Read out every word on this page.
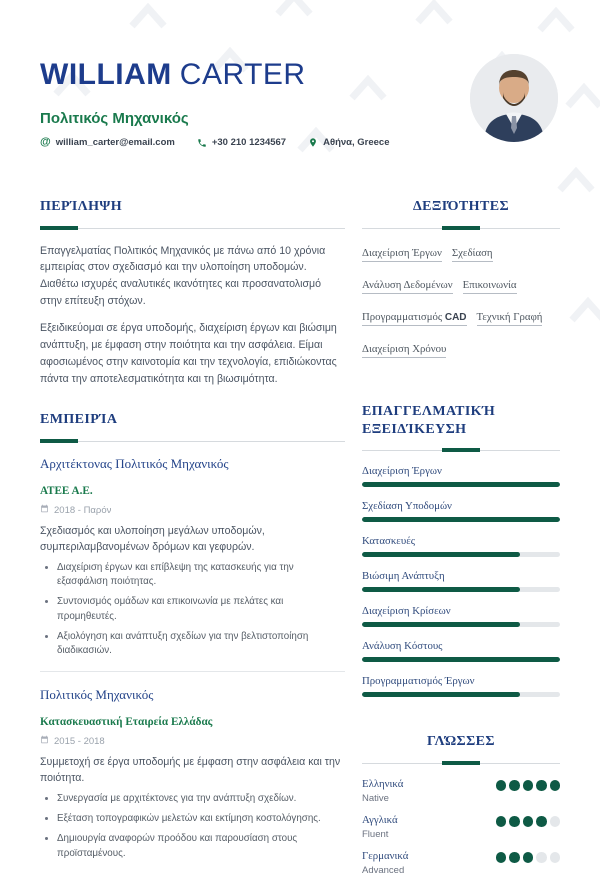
WILLIAM CARTER
Πολιτικός Μηχανικός
@ william_carter@email.com	+30 210 1234567	Αθήνα, Greece
ΠΕΡΊΛΗΨΗ

Επαγγελματίας Πολιτικός Μηχανικός με πάνω από 10 χρόνια εμπειρίας στον σχεδιασμό και την υλοποίηση υποδομών. Διαθέτω ισχυρές αναλυτικές ικανότητες και προσανατολισμό στην επίτευξη στόχων.

Εξειδικεύομαι σε έργα υποδομής, διαχείριση έργων και βιώσιμη ανάπτυξη, με έμφαση στην ποιότητα και την ασφάλεια. Είμαι αφοσιωμένος στην καινοτομία και την τεχνολογία, επιδιώκοντας πάντα την αποτελεσματικότητα και τη βιωσιμότητα.

ΕΜΠΕΙΡΊΑ
Αρχιτέκτονας Πολιτικός Μηχανικός
ΑΤΕΕ Α.Ε.
2018 - Παρόν
Σχεδιασμός και υλοποίηση μεγάλων υποδομών, συμπεριλαμβανομένων δρόμων και γεφυρών.
• Διαχείριση έργων και επίβλεψη της κατασκευής για την εξασφάλιση ποιότητας.
• Συντονισμός ομάδων και επικοινωνία με πελάτες και προμηθευτές.
• Αξιολόγηση και ανάπτυξη σχεδίων για την βελτιστοποίηση διαδικασιών.
Πολιτικός Μηχανικός
Κατασκευαστική Εταιρεία Ελλάδας
2015 - 2018
Συμμετοχή σε έργα υποδομής με έμφαση στην ασφάλεια και την ποιότητα.
• Συνεργασία με αρχιτέκτονες για την ανάπτυξη σχεδίων.
• Εξέταση τοπογραφικών μελετών και εκτίμηση κοστολόγησης.
• Δημιουργία αναφορών προόδου και παρουσίαση στους προϊσταμένους.
ΔΕΞΙΌΤΗΤΕΣ
Διαχείριση Έργων ΣχεδίασηΑνάλυση Δεδομένων ΕπικοινωνίαΠρογραμματισμός CAD Τεχνική ΓραφήΔιαχείριση Χρόνου
ΕΠΑΓΓΕΛΜΑΤΙΚΉ ΕΞΕΙΔΊΚΕΥΣΗ
Διαχείριση Έργων
Σχεδίαση Υποδομών
Κατασκευές
Βιώσιμη Ανάπτυξη
Διαχείριση Κρίσεων
Ανάλυση Κόστους
Προγραμματισμός Έργων
ΓΛΏΣΣΕΣ
Ελληνικά
Native
Αγγλικά
Fluent
Γερμανικά
Advanced
